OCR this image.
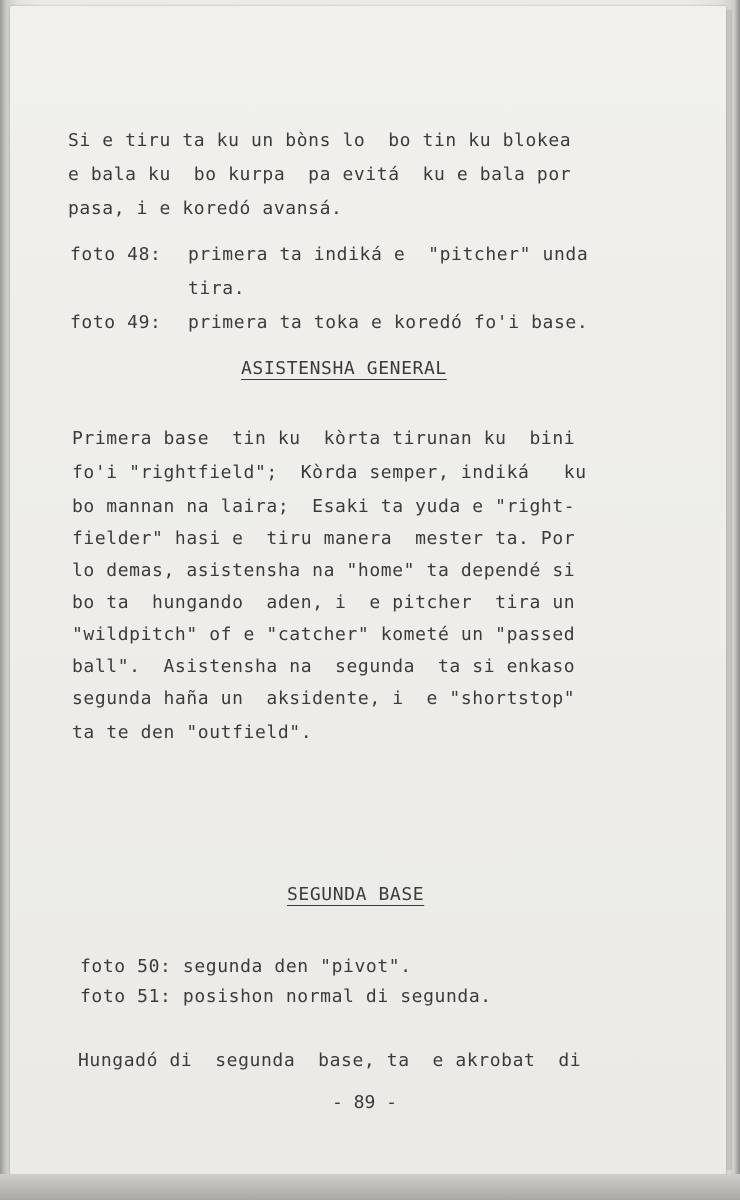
Si e tiru ta ku un bòns lo  bo tin ku blokea
e bala ku  bo kurpa  pa evitá  ku e bala por
pasa, i e koredó avansá.
foto 48: primera ta indiká e  "pitcher" unda
tira.
foto 49: primera ta toka e koredó fo'i base.
ASISTENSHA GENERAL
Primera base  tin ku  kòrta tirunan ku  bini
fo'i "rightfield";  Kòrda semper, indiká   ku
bo mannan na laira;  Esaki ta yuda e "right-
fielder" hasi e  tiru manera  mester ta. Por
lo demas, asistensha na "home" ta dependé si
bo ta  hungando  aden, i  e pitcher  tira un
"wildpitch" of e "catcher" kometé un "passed
ball".  Asistensha na  segunda  ta si enkaso
segunda haña un  aksidente, i  e "shortstop"
ta te den "outfield".
SEGUNDA BASE
foto 50: segunda den "pivot".
foto 51: posishon normal di segunda.
Hungadó di  segunda  base, ta  e akrobat  di
- 89 -
